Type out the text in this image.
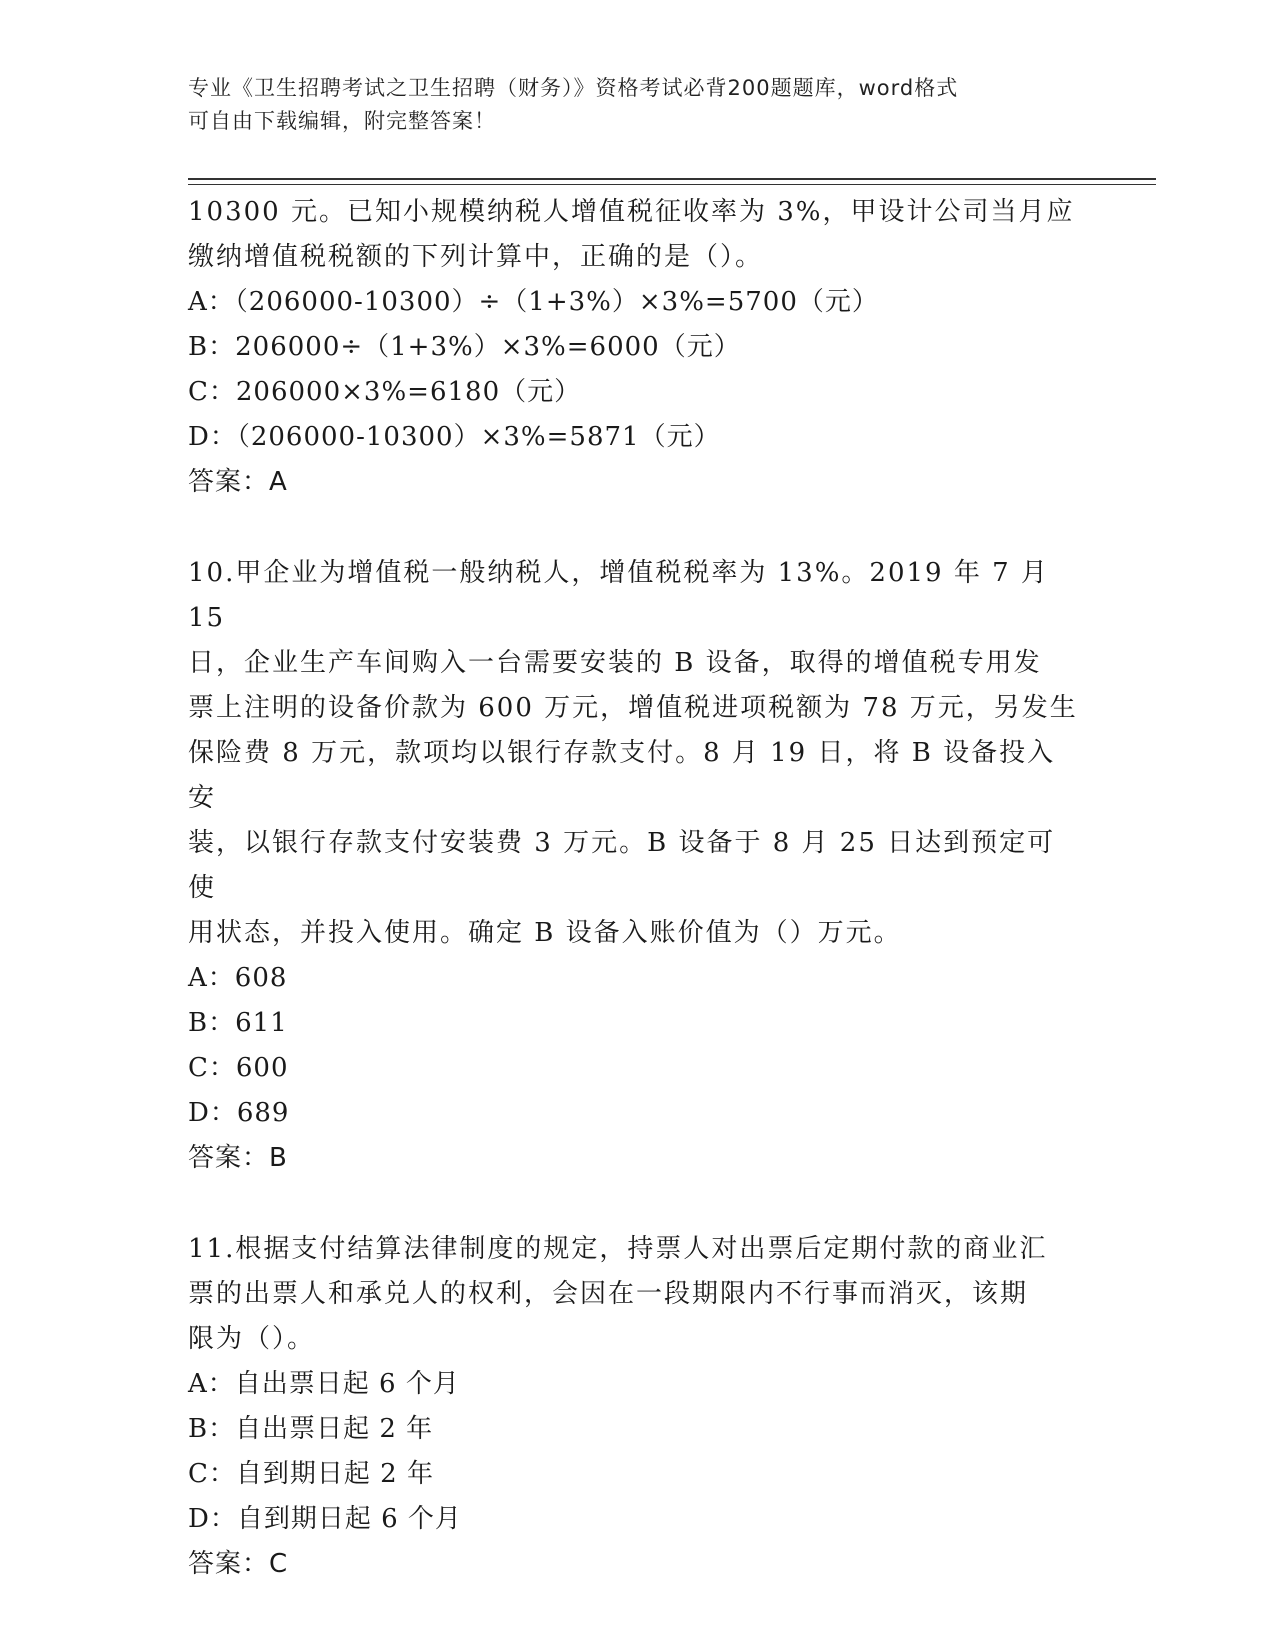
专业《卫生招聘考试之卫生招聘（财务）》资格考试必背200题题库，word格式
可自由下载编辑，附完整答案！

10300 元。已知小规模纳税人增值税征收率为 3%，甲设计公司当月应

缴纳增值税税额的下列计算中，正确的是（）。

A：（206000-10300）÷（1+3%）×3%=5700（元）

B：206000÷（1+3%）×3%=6000（元）

C：206000×3%=6180（元）

D：（206000-10300）×3%=5871（元）

答案：A

10.甲企业为增值税一般纳税人，增值税税率为 13%。2019 年 7 月 15

日，企业生产车间购入一台需要安装的 B 设备，取得的增值税专用发

票上注明的设备价款为 600 万元，增值税进项税额为 78 万元，另发生

保险费 8 万元，款项均以银行存款支付。8 月 19 日，将 B 设备投入安

装，以银行存款支付安装费 3 万元。B 设备于 8 月 25 日达到预定可使

用状态，并投入使用。确定 B 设备入账价值为（）万元。

A：608

B：611

C：600

D：689

答案：B

11.根据支付结算法律制度的规定，持票人对出票后定期付款的商业汇

票的出票人和承兑人的权利，会因在一段期限内不行事而消灭，该期

限为（）。

A：自出票日起 6 个月

B：自出票日起 2 年

C：自到期日起 2 年

D：自到期日起 6 个月

答案：C
